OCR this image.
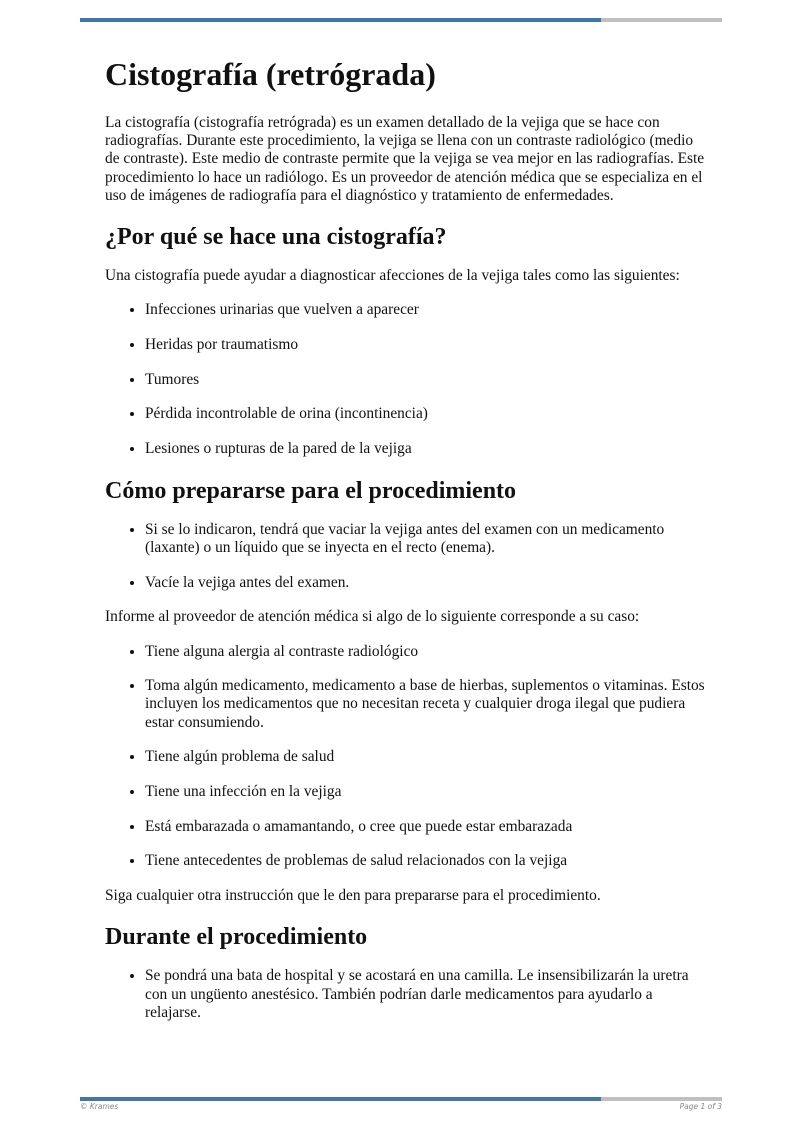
Cistografía (retrógrada)

La cistografía (cistografía retrógrada) es un examen detallado de la vejiga que se hace con radiografías. Durante este procedimiento, la vejiga se llena con un contraste radiológico (medio de contraste). Este medio de contraste permite que la vejiga se vea mejor en las radiografías. Este procedimiento lo hace un radiólogo. Es un proveedor de atención médica que se especializa en el uso de imágenes de radiografía para el diagnóstico y tratamiento de enfermedades.

¿Por qué se hace una cistografía?

Una cistografía puede ayudar a diagnosticar afecciones de la vejiga tales como las siguientes:

• Infecciones urinarias que vuelven a aparecer
• Heridas por traumatismo
• Tumores
• Pérdida incontrolable de orina (incontinencia)
• Lesiones o rupturas de la pared de la vejiga
Cómo prepararse para el procedimiento
• Si se lo indicaron, tendrá que vaciar la vejiga antes del examen con un medicamento (laxante) o un líquido que se inyecta en el recto (enema).
• Vacíe la vejiga antes del examen.

Informe al proveedor de atención médica si algo de lo siguiente corresponde a su caso:

• Tiene alguna alergia al contraste radiológico
• Toma algún medicamento, medicamento a base de hierbas, suplementos o vitaminas. Estos incluyen los medicamentos que no necesitan receta y cualquier droga ilegal que pudiera estar consumiendo.
• Tiene algún problema de salud
• Tiene una infección en la vejiga
• Está embarazada o amamantando, o cree que puede estar embarazada
• Tiene antecedentes de problemas de salud relacionados con la vejiga

Siga cualquier otra instrucción que le den para prepararse para el procedimiento.

Durante el procedimiento
• Se pondrá una bata de hospital y se acostará en una camilla. Le insensibilizarán la uretra con un ungüento anestésico. También podrían darle medicamentos para ayudarlo a relajarse.
© Krames	Page 1 of 3
